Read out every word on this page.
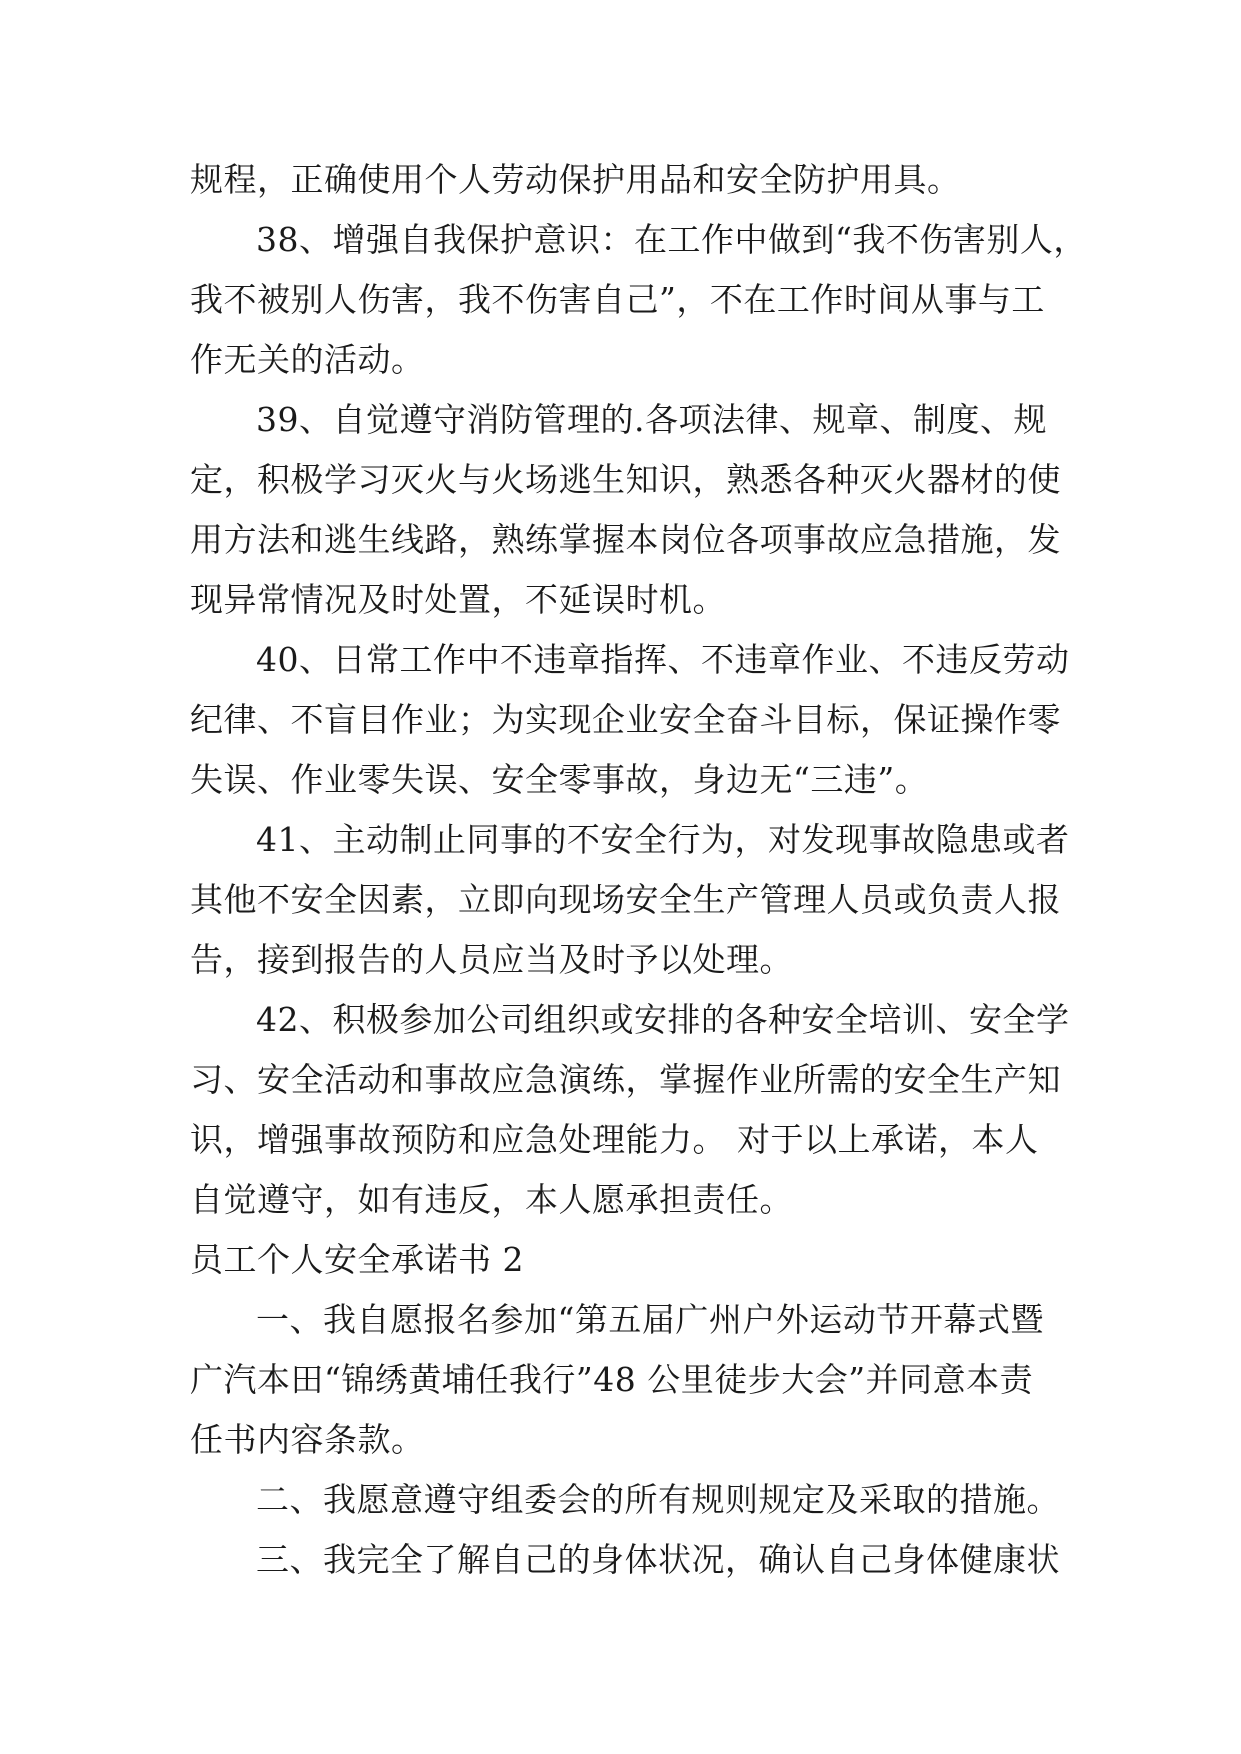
规程，正确使用个人劳动保护用品和安全防护用具。
38、增强自我保护意识：在工作中做到“我不伤害别人，
我不被别人伤害，我不伤害自己”，不在工作时间从事与工
作无关的活动。
39、自觉遵守消防管理的.各项法律、规章、制度、规
定，积极学习灭火与火场逃生知识，熟悉各种灭火器材的使
用方法和逃生线路，熟练掌握本岗位各项事故应急措施，发
现异常情况及时处置，不延误时机。
40、日常工作中不违章指挥、不违章作业、不违反劳动
纪律、不盲目作业；为实现企业安全奋斗目标，保证操作零
失误、作业零失误、安全零事故，身边无“三违”。
41、主动制止同事的不安全行为，对发现事故隐患或者
其他不安全因素，立即向现场安全生产管理人员或负责人报
告，接到报告的人员应当及时予以处理。
42、积极参加公司组织或安排的各种安全培训、安全学
习、安全活动和事故应急演练，掌握作业所需的安全生产知
识，增强事故预防和应急处理能力。 对于以上承诺，本人
自觉遵守，如有违反，本人愿承担责任。
员工个人安全承诺书 2
一、我自愿报名参加“第五届广州户外运动节开幕式暨
广汽本田“锦绣黄埔任我行”48 公里徒步大会”并同意本责
任书内容条款。
二、我愿意遵守组委会的所有规则规定及采取的措施。
三、我完全了解自己的身体状况，确认自己身体健康状
